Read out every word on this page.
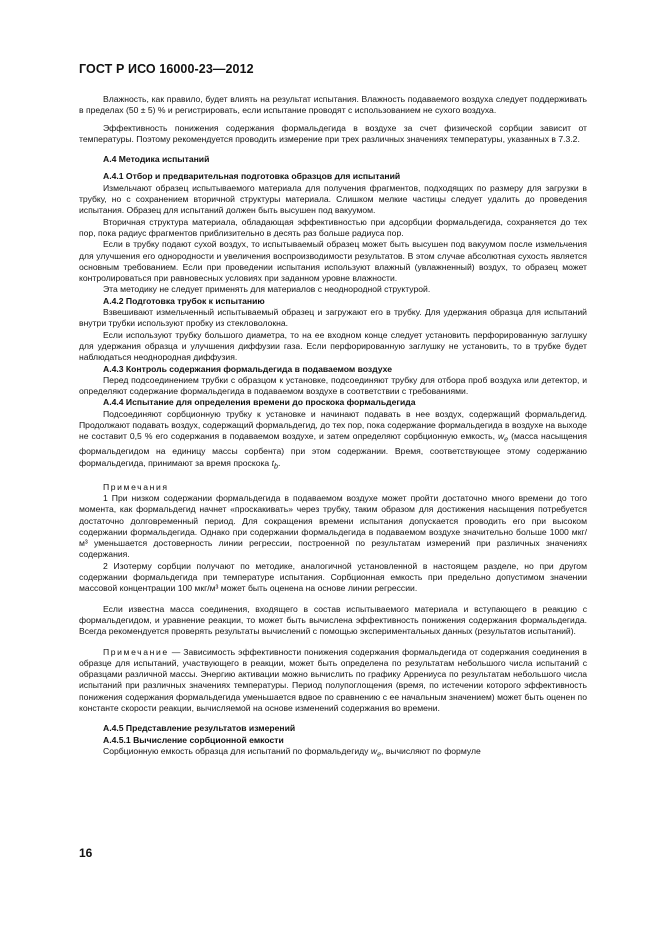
ГОСТ Р ИСО 16000-23—2012

Влажность, как правило, будет влиять на результат испытания. Влажность подаваемого воздуха следует поддерживать в пределах (50 ± 5) % и регистрировать, если испытание проводят с использованием не сухого воздуха.

Эффективность понижения содержания формальдегида в воздухе за счет физической сорбции зависит от температуры. Поэтому рекомендуется проводить измерение при трех различных значениях температуры, указанных в 7.3.2.

А.4 Методика испытаний

А.4.1 Отбор и предварительная подготовка образцов для испытаний

Измельчают образец испытываемого материала для получения фрагментов, подходящих по размеру для загрузки в трубку, но с сохранением вторичной структуры материала. Слишком мелкие частицы следует удалить до проведения испытания. Образец для испытаний должен быть высушен под вакуумом.

Вторичная структура материала, обладающая эффективностью при адсорбции формальдегида, сохраняется до тех пор, пока радиус фрагментов приблизительно в десять раз больше радиуса пор.

Если в трубку подают сухой воздух, то испытываемый образец может быть высушен под вакуумом после измельчения для улучшения его однородности и увеличения воспроизводимости результатов. В этом случае абсолютная сухость является основным требованием. Если при проведении испытания используют влажный (увлажненный) воздух, то образец может контролироваться при равновесных условиях при заданном уровне влажности.

Эта методику не следует применять для материалов с неоднородной структурой.

А.4.2 Подготовка трубок к испытанию

Взвешивают измельченный испытываемый образец и загружают его в трубку. Для удержания образца для испытаний внутри трубки используют пробку из стекловолокна.

Если используют трубку большого диаметра, то на ее входном конце следует установить перфорированную заглушку для удержания образца и улучшения диффузии газа. Если перфорированную заглушку не установить, то в трубке будет наблюдаться неоднородная диффузия.

А.4.3 Контроль содержания формальдегида в подаваемом воздухе

Перед подсоединением трубки с образцом к установке, подсоединяют трубку для отбора проб воздуха или детектор, и определяют содержание формальдегида в подаваемом воздухе в соответствии с требованиями.

А.4.4 Испытание для определения времени до проскока формальдегида

Подсоединяют сорбционную трубку к установке и начинают подавать в нее воздух, содержащий формальдегид. Продолжают подавать воздух, содержащий формальдегид, до тех пор, пока содержание формальдегида в воздухе на выходе не составит 0,5 % его содержания в подаваемом воздухе, и затем определяют сорбционную емкость, $w_e$ (масса насыщения формальдегидом на единицу массы сорбента) при этом содержании. Время, соответствующее этому содержанию формальдегида, принимают за время проскока $t_b$.

Примечания

1 При низком содержании формальдегида в подаваемом воздухе может пройти достаточно много времени до того момента, как формальдегид начнет «проскакивать» через трубку, таким образом для достижения насыщения потребуется достаточно долговременный период. Для сокращения времени испытания допускается проводить его при высоком содержании формальдегида. Однако при содержании формальдегида в подаваемом воздухе значительно больше 1000 мкг/м³ уменьшается достоверность линии регрессии, построенной по результатам измерений при различных значениях содержания.

2 Изотерму сорбции получают по методике, аналогичной установленной в настоящем разделе, но при другом содержании формальдегида при температуре испытания. Сорбционная емкость при предельно допустимом значении массовой концентрации 100 мкг/м³ может быть оценена на основе линии регрессии.

Если известна масса соединения, входящего в состав испытываемого материала и вступающего в реакцию с формальдегидом, и уравнение реакции, то может быть вычислена эффективность понижения содержания формальдегида. Всегда рекомендуется проверять результаты вычислений с помощью экспериментальных данных (результатов испытаний).

Примечание — Зависимость эффективности понижения содержания формальдегида от содержания соединения в образце для испытаний, участвующего в реакции, может быть определена по результатам небольшого числа испытаний с образцами различной массы. Энергию активации можно вычислить по графику Аррениуса по результатам небольшого числа испытаний при различных значениях температуры. Период полупоглощения (время, по истечении которого эффективность понижения содержания формальдегида уменьшается вдвое по сравнению с ее начальным значением) может быть оценен по константе скорости реакции, вычисляемой на основе изменений содержания во времени.

А.4.5 Представление результатов измерений

А.4.5.1 Вычисление сорбционной емкости

Сорбционную емкость образца для испытаний по формальдегиду $w_e$, вычисляют по формуле

16
